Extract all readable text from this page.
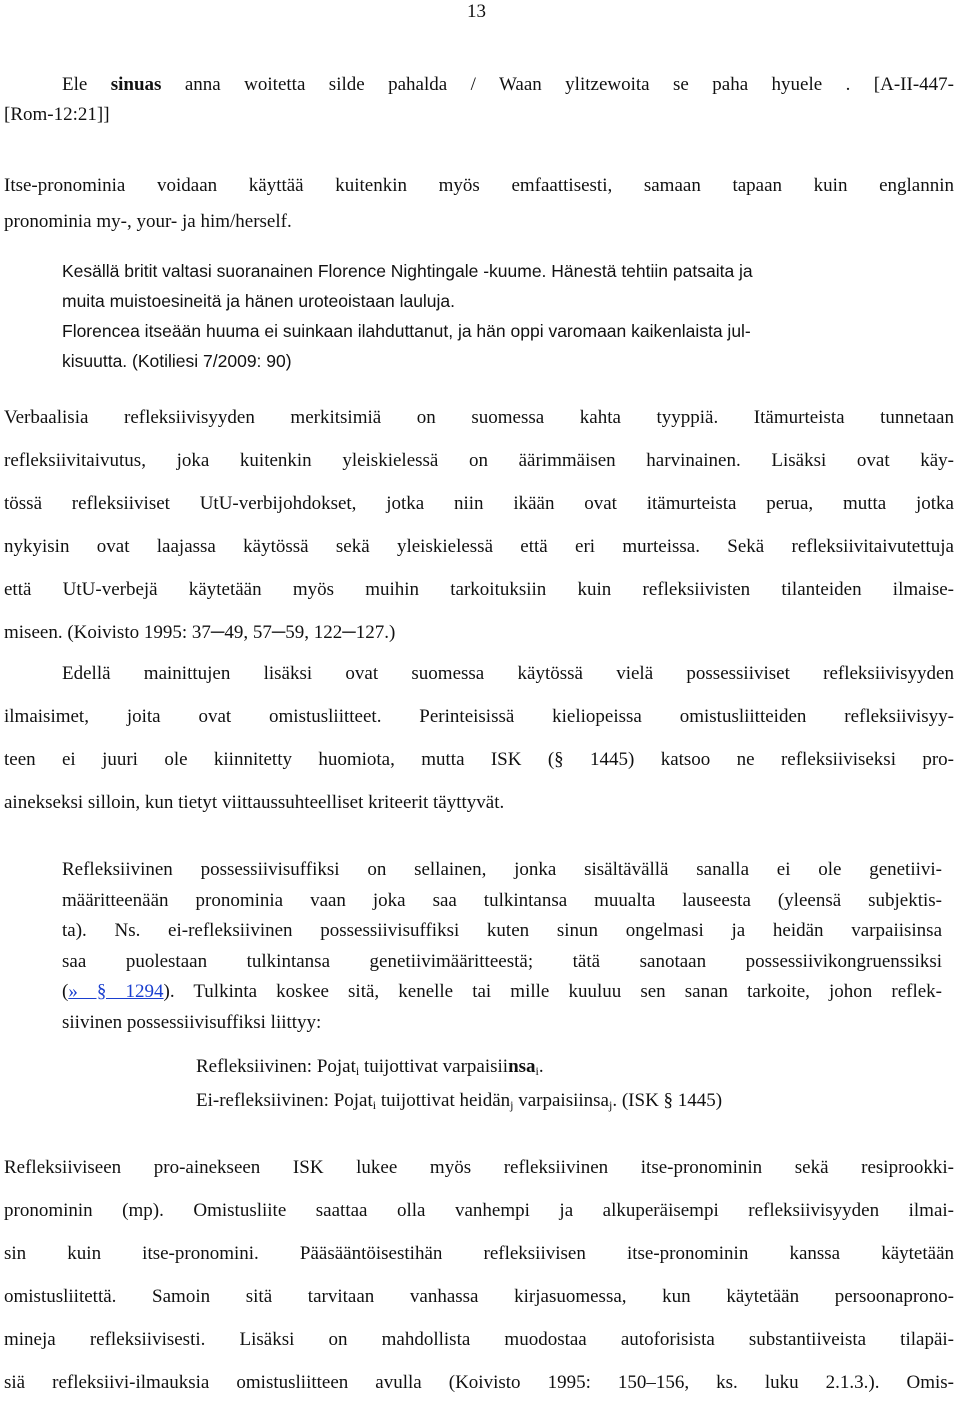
13
Ele sinuas anna woitetta silde pahalda / Waan ylitzewoita se paha hyuele . [A-II-447-
[Rom-12:21]]
Itse-pronominia voidaan käyttää kuitenkin myös emfaattisesti, samaan tapaan kuin englannin
pronominia my-, your- ja him/herself.
Kesällä britit valtasi suoranainen Florence Nightingale -kuume. Hänestä tehtiin patsaita ja
muita muistoesineitä ja hänen uroteoistaan lauluja.
Florencea itseään huuma ei suinkaan ilahduttanut, ja hän oppi varomaan kaikenlaista jul-
kisuutta. (Kotiliesi 7/2009: 90)
Verbaalisia refleksiivisyyden merkitsimiä on suomessa kahta tyyppiä. Itämurteista tunnetaan
refleksiivitaivutus, joka kuitenkin yleiskielessä on äärimmäisen harvinainen. Lisäksi ovat käy-
tössä refleksiiviset UtU-verbijohdokset, jotka niin ikään ovat itämurteista perua, mutta jotka
nykyisin ovat laajassa käytössä sekä yleiskielessä että eri murteissa. Sekä refleksiivitaivutettuja
että UtU-verbejä käytetään myös muihin tarkoituksiin kuin refleksiivisten tilanteiden ilmaise-
miseen. (Koivisto 1995: 37─49, 57─59, 122─127.)
Edellä mainittujen lisäksi ovat suomessa käytössä vielä possessiiviset refleksiivisyyden
ilmaisimet, joita ovat omistusliitteet. Perinteisissä kieliopeissa omistusliitteiden refleksiivisyy-
teen ei juuri ole kiinnitetty huomiota, mutta ISK (§ 1445) katsoo ne refleksiiviseksi pro-
ainekseksi silloin, kun tietyt viittaussuhteelliset kriteerit täyttyvät.
Refleksiivinen possessiivisuffiksi on sellainen, jonka sisältävällä sanalla ei ole genetiivi-
määritteenään pronominia vaan joka saa tulkintansa muualta lauseesta (yleensä subjektis-
ta). Ns. ei-refleksiivinen possessiivisuffiksi kuten sinun ongelmasi ja heidän varpaiisinsa
saa puolestaan tulkintansa genetiivimääritteestä; tätä sanotaan possessiivikongruenssiksi
(» § 1294). Tulkinta koskee sitä, kenelle tai mille kuuluu sen sanan tarkoite, johon reflek-
siivinen possessiivisuffiksi liittyy:
Refleksiivinen: Pojat$_i$ tuijottivat varpaisiinsa$_i$.
Ei-refleksiivinen: Pojat$_i$ tuijottivat heidän$_j$ varpaisiinsa$_j$. (ISK § 1445)
Refleksiiviseen pro-ainekseen ISK lukee myös refleksiivinen itse-pronominin sekä resiprookki-
pronominin (mp). Omistusliite saattaa olla vanhempi ja alkuperäisempi refleksiivisyyden ilmai-
sin kuin itse-pronomini. Pääsääntöisestihän refleksiivisen itse-pronominin kanssa käytetään
omistusliitettä. Samoin sitä tarvitaan vanhassa kirjasuomessa, kun käytetään persoonaprono-
mineja refleksiivisesti. Lisäksi on mahdollista muodostaa autoforisista substantiiveista tilapäi-
siä refleksiivi-ilmauksia omistusliitteen avulla (Koivisto 1995: 150–156, ks. luku 2.1.3.). Omis-
